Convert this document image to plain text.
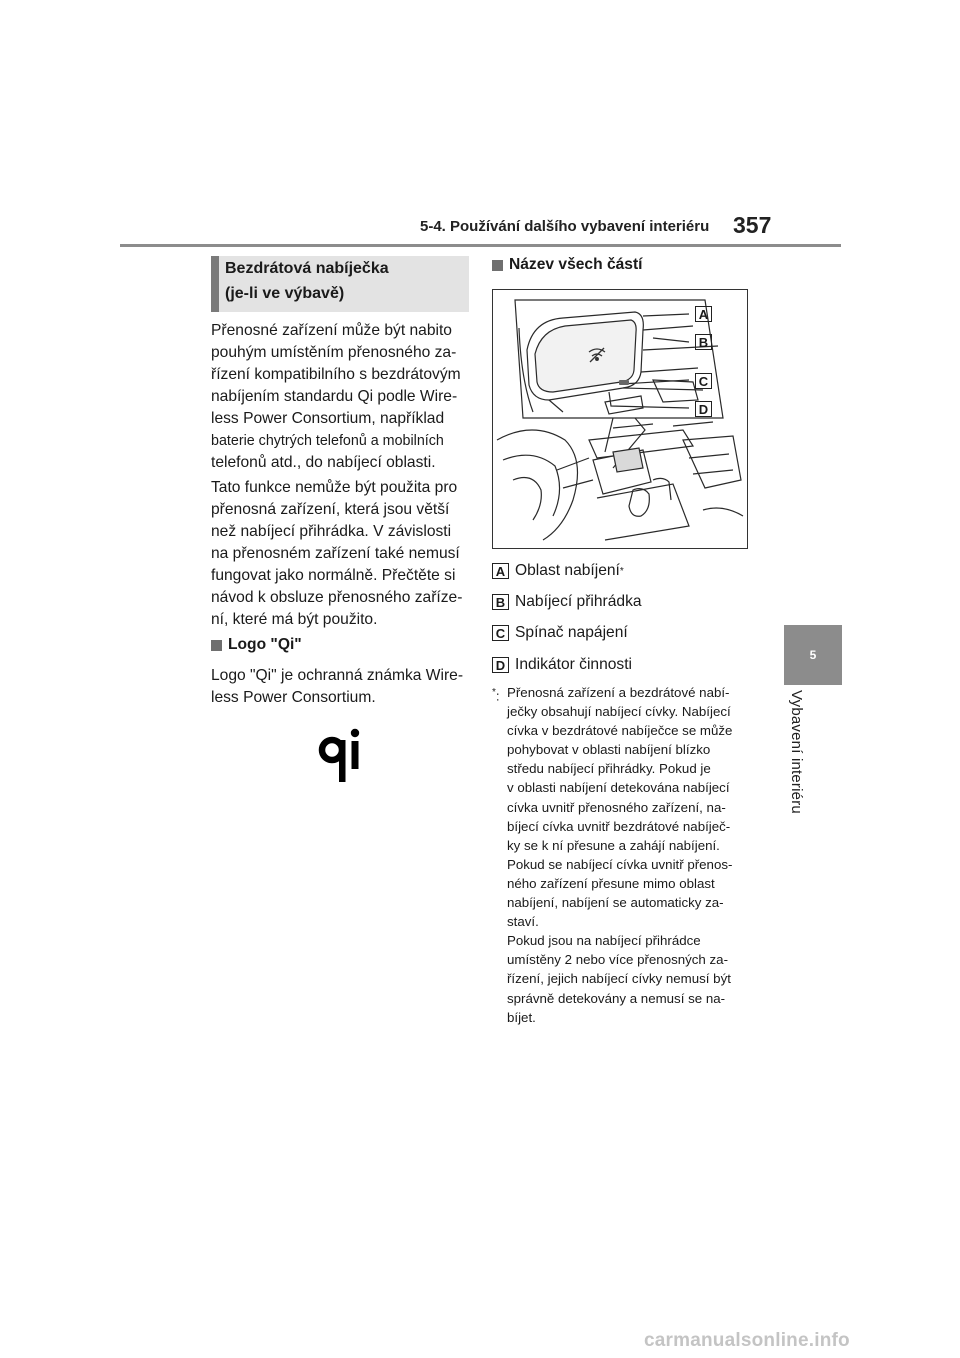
5-4. Používání dalšího vybavení interiéru 357
5
Vybavení interiéru
Bezdrátová nabíječka
(je-li ve výbavě)
Přenosné zařízení může být nabito
pouhým umístěním přenosného za-
řízení kompatibilního s bezdrátovým
nabíjením standardu Qi podle Wire-
less Power Consortium, například
baterie chytrých telefonů a mobilních
telefonů atd., do nabíjecí oblasti.
Tato funkce nemůže být použita pro
přenosná zařízení, která jsou větší
než nabíjecí přihrádka. V závislosti
na přenosném zařízení také nemusí
fungovat jako normálně. Přečtěte si
návod k obsluze přenosného zaříze-
ní, které má být použito.
Logo "Qi"
Logo "Qi" je ochranná známka Wire-
less Power Consortium.
Název všech částí
A
B
C
D
A Oblast nabíjení *
B Nabíjecí přihrádka
C Spínač napájení
D Indikátor činnosti
*: Přenosná zařízení a bezdrátové nabí-
ječky obsahují nabíjecí cívky. Nabíjecí
cívka v bezdrátové nabíječce se může
pohybovat v oblasti nabíjení blízko
středu nabíjecí přihrádky. Pokud je
v oblasti nabíjení detekována nabíjecí
cívka uvnitř přenosného zařízení, na-
bíjecí cívka uvnitř bezdrátové nabíječ-
ky se k ní přesune a zahájí nabíjení.
Pokud se nabíjecí cívka uvnitř přenos-
ného zařízení přesune mimo oblast
nabíjení, nabíjení se automaticky za-
staví.
Pokud jsou na nabíjecí přihrádce
umístěny 2 nebo více přenosných za-
řízení, jejich nabíjecí cívky nemusí být
správně detekovány a nemusí se na-
bíjet.
carmanualsonline.info
